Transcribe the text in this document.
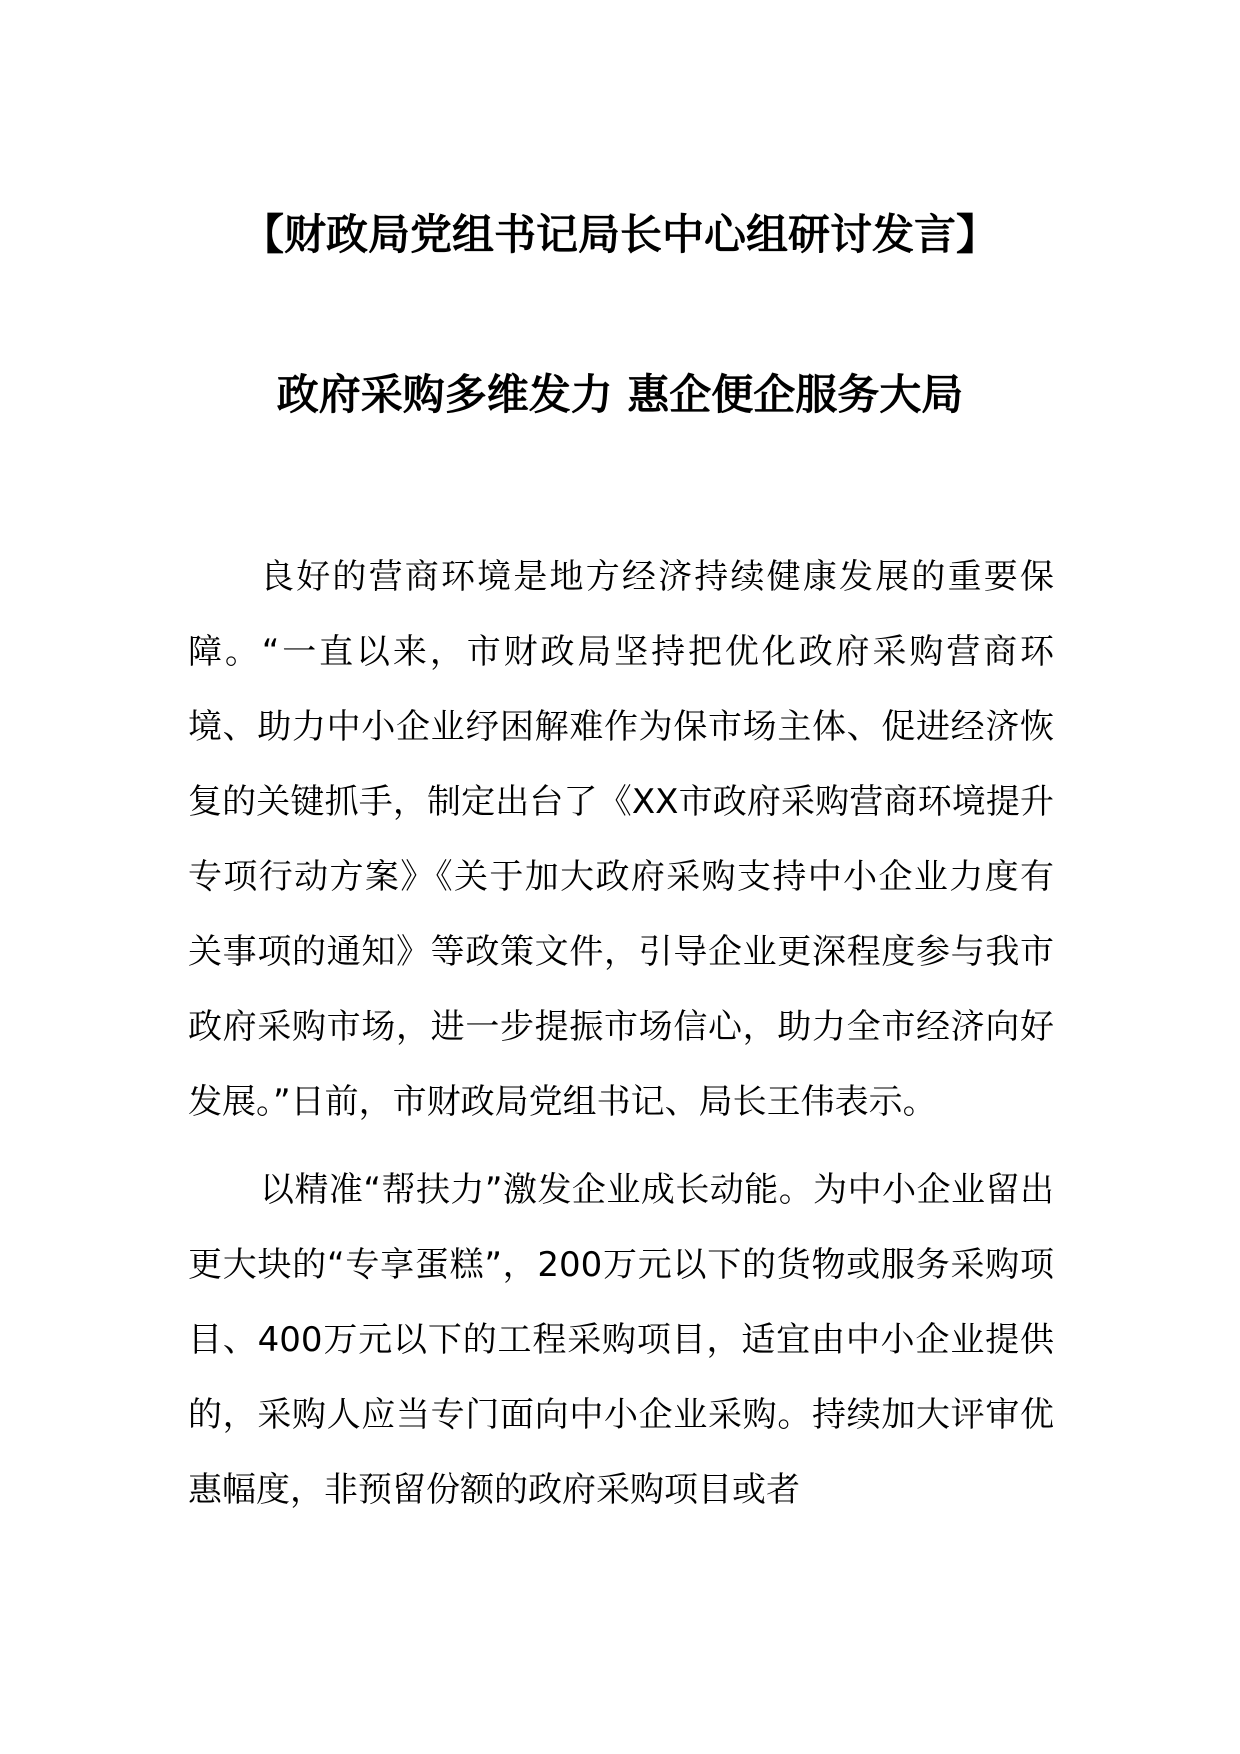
【财政局党组书记局长中心组研讨发言】
政府采购多维发力 惠企便企服务大局

良好的营商环境是地方经济持续健康发展的重要保障。“一直以来，市财政局坚持把优化政府采购营商环境、助力中小企业纾困解难作为保市场主体、促进经济恢复的关键抓手，制定出台了《XX市政府采购营商环境提升专项行动方案》《关于加大政府采购支持中小企业力度有关事项的通知》等政策文件，引导企业更深程度参与我市政府采购市场，进一步提振市场信心，助力全市经济向好发展。”日前，市财政局党组书记、局长王伟表示。

以精准“帮扶力”激发企业成长动能。为中小企业留出更大块的“专享蛋糕”，200万元以下的货物或服务采购项目、400万元以下的工程采购项目，适宜由中小企业提供的，采购人应当专门面向中小企业采购。持续加大评审优惠幅度，非预留份额的政府采购项目或者
